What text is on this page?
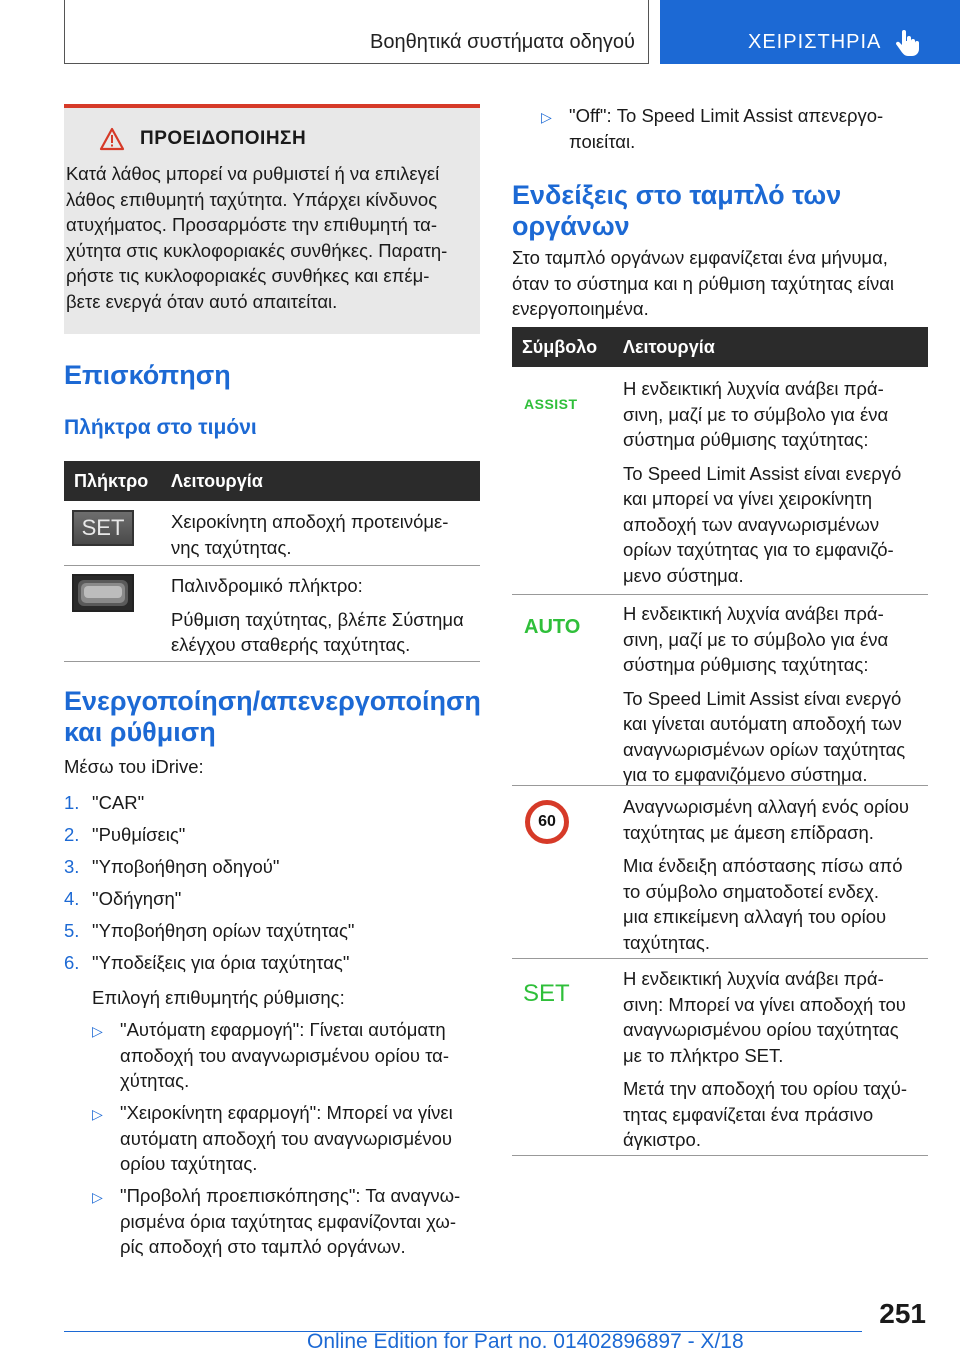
Βοηθητικά συστήματα οδηγού	ΧΕΙΡΙΣΤΗΡΙΑ
ΠΡΟΕΙΔΟΠΟΙΗΣΗ
Κατά λάθος μπορεί να ρυθμιστεί ή να επιλεγεί
λάθος επιθυμητή ταχύτητα. Υπάρχει κίνδυνος
ατυχήματος. Προσαρμόστε την επιθυμητή τα-
χύτητα στις κυκλοφοριακές συνθήκες. Παρατη-
ρήστε τις κυκλοφοριακές συνθήκες και επέμ-
βετε ενεργά όταν αυτό απαιτείται.
Επισκόπηση
Πλήκτρα στο τιμόνι
Πλήκτρο Λειτουργία
SET	Χειροκίνητη αποδοχή προτεινόμε-
νης ταχύτητας.
Παλινδρομικό πλήκτρο:
Ρύθμιση ταχύτητας, βλέπε Σύστημα
ελέγχου σταθερής ταχύτητας.
Ενεργοποίηση/απενεργοποίηση
και ρύθμιση
Μέσω του iDrive:
1. "CAR"
2. "Ρυθμίσεις"
3. "Υποβοήθηση οδηγού"
4. "Οδήγηση"
5. "Υποβοήθηση ορίων ταχύτητας"
6. "Υποδείξεις για όρια ταχύτητας"
Επιλογή επιθυμητής ρύθμισης:
▷ "Αυτόματη εφαρμογή": Γίνεται αυτόματη
αποδοχή του αναγνωρισμένου ορίου τα-
χύτητας.
▷ "Χειροκίνητη εφαρμογή": Μπορεί να γίνει
αυτόματη αποδοχή του αναγνωρισμένου
ορίου ταχύτητας.
▷ "Προβολή προεπισκόπησης": Τα αναγνω-
ρισμένα όρια ταχύτητας εμφανίζονται χω-
ρίς αποδοχή στο ταμπλό οργάνων.
▷ "Off": Το Speed Limit Assist απενεργο-
ποιείται.
Ενδείξεις στο ταμπλό των
οργάνων
Στο ταμπλό οργάνων εμφανίζεται ένα μήνυμα,
όταν το σύστημα και η ρύθμιση ταχύτητας είναι
ενεργοποιημένα.
Σύμβολο Λειτουργία
ASSIST
Η ενδεικτική λυχνία ανάβει πρά-
σινη, μαζί με το σύμβολο για ένα
σύστημα ρύθμισης ταχύτητας:
Το Speed Limit Assist είναι ενεργό
και μπορεί να γίνει χειροκίνητη
αποδοχή των αναγνωρισμένων
ορίων ταχύτητας για το εμφανιζό-
μενο σύστημα.
AUTO
Η ενδεικτική λυχνία ανάβει πρά-
σινη, μαζί με το σύμβολο για ένα
σύστημα ρύθμισης ταχύτητας:
Το Speed Limit Assist είναι ενεργό
και γίνεται αυτόματη αποδοχή των
αναγνωρισμένων ορίων ταχύτητας
για το εμφανιζόμενο σύστημα.
60
Αναγνωρισμένη αλλαγή ενός ορίου
ταχύτητας με άμεση επίδραση.
Μια ένδειξη απόστασης πίσω από
το σύμβολο σηματοδοτεί ενδεχ.
μια επικείμενη αλλαγή του ορίου
ταχύτητας.
SET
Η ενδεικτική λυχνία ανάβει πρά-
σινη: Μπορεί να γίνει αποδοχή του
αναγνωρισμένου ορίου ταχύτητας
με το πλήκτρο SET.
Μετά την αποδοχή του ορίου ταχύ-
τητας εμφανίζεται ένα πράσινο
άγκιστρο.
251
Online Edition for Part no. 01402896897 - X/18
